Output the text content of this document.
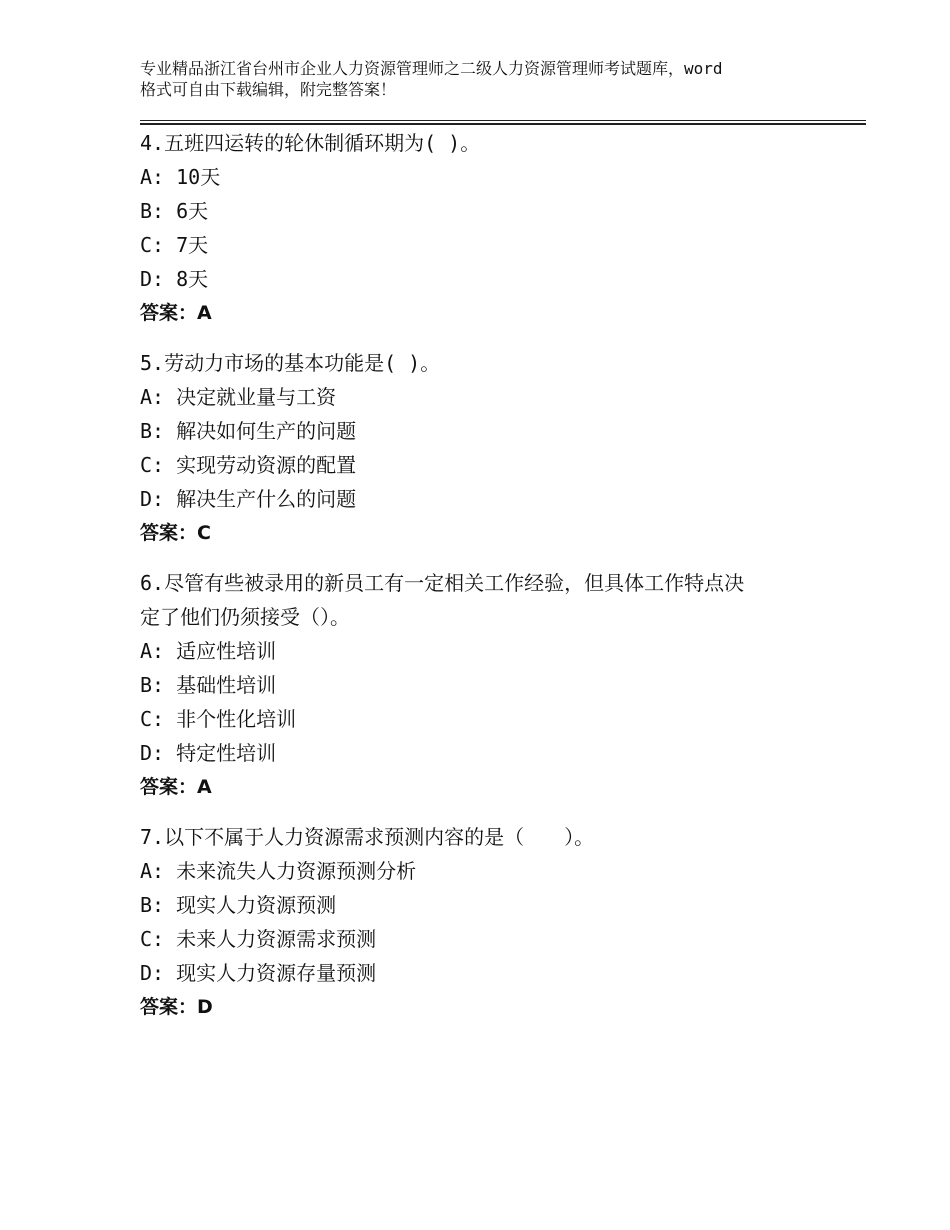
专业精品浙江省台州市企业人力资源管理师之二级人力资源管理师考试题库，word
格式可自由下载编辑，附完整答案！
4.五班四运转的轮休制循环期为( )。
A: 10天
B: 6天
C: 7天
D: 8天
答案：A
5.劳动力市场的基本功能是( )。
A: 决定就业量与工资
B: 解决如何生产的问题
C: 实现劳动资源的配置
D: 解决生产什么的问题
答案：C
6.尽管有些被录用的新员工有一定相关工作经验，但具体工作特点决
定了他们仍须接受（）。
A: 适应性培训
B: 基础性培训
C: 非个性化培训
D: 特定性培训
答案：A
7.以下不属于人力资源需求预测内容的是（　　）。
A: 未来流失人力资源预测分析
B: 现实人力资源预测
C: 未来人力资源需求预测
D: 现实人力资源存量预测
答案：D
